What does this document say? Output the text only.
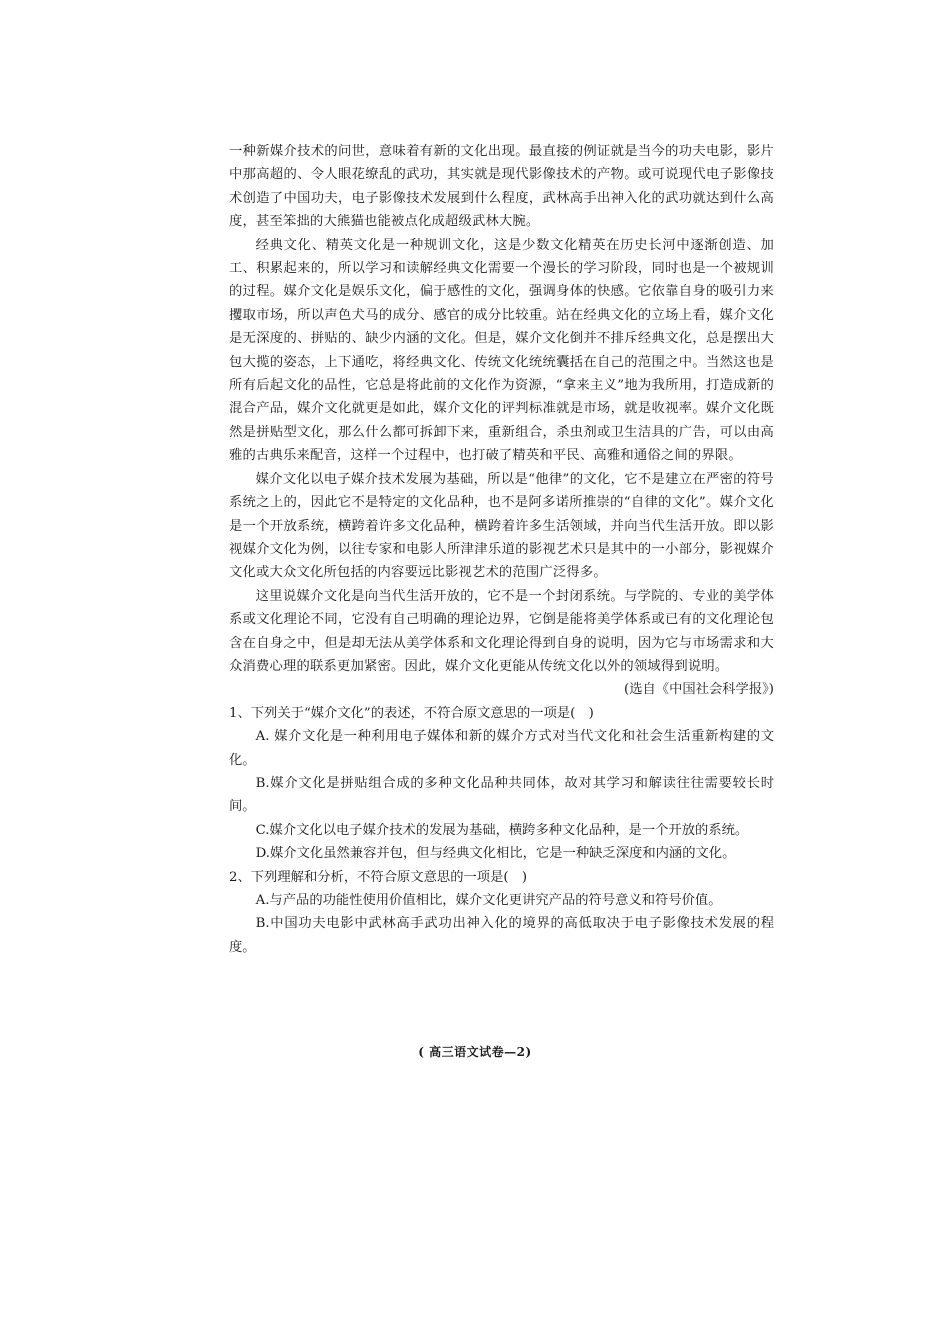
一种新媒介技术的问世，意味着有新的文化出现。最直接的例证就是当今的功夫电影，影片中那高超的、令人眼花缭乱的武功，其实就是现代影像技术的产物。或可说现代电子影像技术创造了中国功夫，电子影像技术发展到什么程度，武林高手出神入化的武功就达到什么高度，甚至笨拙的大熊猫也能被点化成超级武林大腕。

经典文化、精英文化是一种规训文化，这是少数文化精英在历史长河中逐渐创造、加工、积累起来的，所以学习和读解经典文化需要一个漫长的学习阶段，同时也是一个被规训的过程。媒介文化是娱乐文化，偏于感性的文化，强调身体的快感。它依靠自身的吸引力来攫取市场，所以声色犬马的成分、感官的成分比较重。站在经典文化的立场上看，媒介文化是无深度的、拼贴的、缺少内涵的文化。但是，媒介文化倒并不排斥经典文化，总是摆出大包大揽的姿态，上下通吃，将经典文化、传统文化统统囊括在自己的范围之中。当然这也是所有后起文化的品性，它总是将此前的文化作为资源，“拿来主义”地为我所用，打造成新的混合产品，媒介文化就更是如此，媒介文化的评判标准就是市场，就是收视率。媒介文化既然是拼贴型文化，那么什么都可拆卸下来，重新组合，杀虫剂或卫生洁具的广告，可以由高雅的古典乐来配音，这样一个过程中，也打破了精英和平民、高雅和通俗之间的界限。

媒介文化以电子媒介技术发展为基础，所以是“他律”的文化，它不是建立在严密的符号系统之上的，因此它不是特定的文化品种，也不是阿多诺所推崇的“自律的文化”。媒介文化是一个开放系统，横跨着许多文化品种，横跨着许多生活领域，并向当代生活开放。即以影视媒介文化为例，以往专家和电影人所津津乐道的影视艺术只是其中的一小部分，影视媒介文化或大众文化所包括的内容要远比影视艺术的范围广泛得多。

这里说媒介文化是向当代生活开放的，它不是一个封闭系统。与学院的、专业的美学体系或文化理论不同，它没有自己明确的理论边界，它倒是能将美学体系或已有的文化理论包含在自身之中，但是却无法从美学体系和文化理论得到自身的说明，因为它与市场需求和大众消费心理的联系更加紧密。因此，媒介文化更能从传统文化以外的领域得到说明。

(选自《中国社会科学报》)

1、下列关于“媒介文化”的表述，不符合原文意思的一项是(　)

A. 媒介文化是一种利用电子媒体和新的媒介方式对当代文化和社会生活重新构建的文化。

B.媒介文化是拼贴组合成的多种文化品种共同体，故对其学习和解读往往需要较长时间。

C.媒介文化以电子媒介技术的发展为基础，横跨多种文化品种，是一个开放的系统。

D.媒介文化虽然兼容并包，但与经典文化相比，它是一种缺乏深度和内涵的文化。

2、下列理解和分析，不符合原文意思的一项是(　)

A.与产品的功能性使用价值相比，媒介文化更讲究产品的符号意义和符号价值。

B.中国功夫电影中武林高手武功出神入化的境界的高低取决于电子影像技术发展的程度。

( 高三语文试卷—2)
